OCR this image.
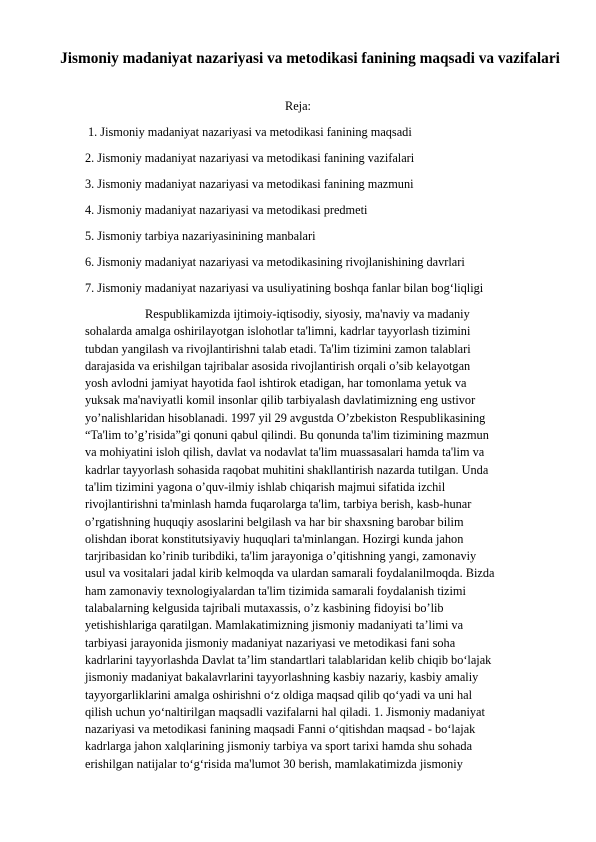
Jismoniy madaniyat nazariyasi va metodikasi fanining maqsadi va vazifalari

Reja:

1. Jismoniy madaniyat nazariyasi va metodikasi fanining maqsadi
2. Jismoniy madaniyat nazariyasi va metodikasi fanining vazifalari
3. Jismoniy madaniyat nazariyasi va metodikasi fanining mazmuni
4. Jismoniy madaniyat nazariyasi va metodikasi predmeti
5. Jismoniy tarbiya nazariyasinining manbalari
6. Jismoniy madaniyat nazariyasi va metodikasining rivojlanishining davrlari
7. Jismoniy madaniyat nazariyasi va usuliyatining boshqa fanlar bilan bog‘liqligi
Respublikamizda ijtimoiy-iqtisodiy, siyosiy, ma'naviy va madaniy
sohalarda amalga oshirilayotgan islohotlar ta'limni, kadrlar tayyorlash tizimini
tubdan yangilash va rivojlantirishni talab etadi. Ta'lim tizimini zamon talablari
darajasida va erishilgan tajribalar asosida rivojlantirish orqali o’sib kelayotgan
yosh avlodni jamiyat hayotida faol ishtirok etadigan, har tomonlama yetuk va
yuksak ma'naviyatli komil insonlar qilib tarbiyalash davlatimizning eng ustivor
yo’nalishlaridan hisoblanadi. 1997 yil 29 avgustda O’zbekiston Respublikasining
“Ta'lim to’g’risida”gi qonuni qabul qilindi. Bu qonunda ta'lim tizimining mazmun
va mohiyatini isloh qilish, davlat va nodavlat ta'lim muassasalari hamda ta'lim va
kadrlar tayyorlash sohasida raqobat muhitini shakllantirish nazarda tutilgan. Unda
ta'lim tizimini yagona o’quv-ilmiy ishlab chiqarish majmui sifatida izchil
rivojlantirishni ta'minlash hamda fuqarolarga ta'lim, tarbiya berish, kasb-hunar
o’rgatishning huquqiy asoslarini belgilash va har bir shaxsning barobar bilim
olishdan iborat konstitutsiyaviy huquqlari ta'minlangan. Hozirgi kunda jahon
tarjribasidan ko’rinib turibdiki, ta'lim jarayoniga o’qitishning yangi, zamonaviy
usul va vositalari jadal kirib kelmoqda va ulardan samarali foydalanilmoqda. Bizda
ham zamonaviy texnologiyalardan ta'lim tizimida samarali foydalanish tizimi
talabalarning kelgusida tajribali mutaxassis, o’z kasbining fidoyisi bo’lib
yetishishlariga qaratilgan. Mamlakatimizning jismoniy madaniyati ta’limi va
tarbiyasi jarayonida jismoniy madaniyat nazariyasi ve metodikasi fani soha
kadrlarini tayyorlashda Davlat ta’lim standartlari talablaridan kelib chiqib bo‘lajak
jismoniy madaniyat bakalavrlarini tayyorlashning kasbiy nazariy, kasbiy amaliy
tayyorgarliklarini amalga oshirishni o‘z oldiga maqsad qilib qo‘yadi va uni hal
qilish uchun yo‘naltirilgan maqsadli vazifalarni hal qiladi. 1. Jismoniy madaniyat
nazariyasi va metodikasi fanining maqsadi Fanni o‘qitishdan maqsad - bo‘lajak
kadrlarga jahon xalqlarining jismoniy tarbiya va sport tarixi hamda shu sohada
erishilgan natijalar to‘g‘risida ma'lumot 30 berish, mamlakatimizda jismoniy
